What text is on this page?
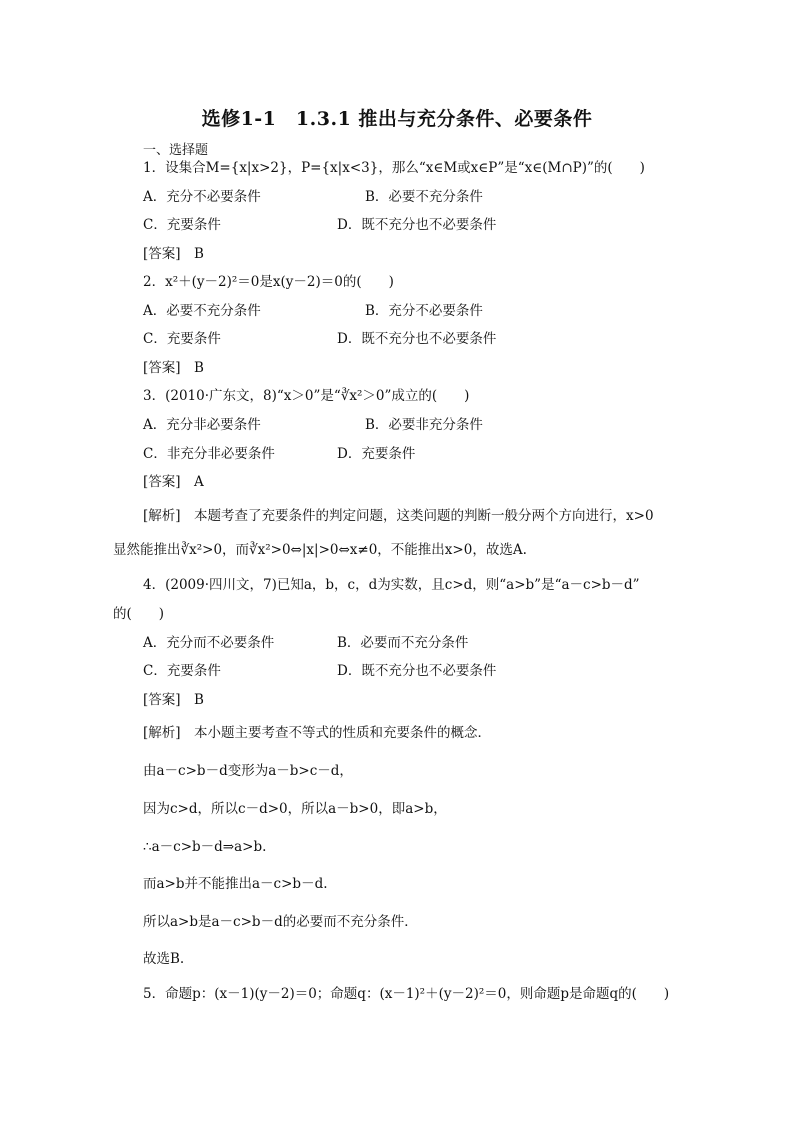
选修1-1　1.3.1 推出与充分条件、必要条件
一、选择题
1．设集合M={x|x>2}，P={x|x<3}，那么“x∈M或x∈P”是“x∈(M∩P)”的(　　)
A．充分不必要条件	B．必要不充分条件
C．充要条件	D．既不充分也不必要条件
[答案]　B
2．x²＋(y－2)²＝0是x(y－2)＝0的(　　)
A．必要不充分条件	B．充分不必要条件
C．充要条件	D．既不充分也不必要条件
[答案]　B
3．(2010·广东文，8)“x＞0”是“∛x²＞0”成立的(　　)
A．充分非必要条件	B．必要非充分条件
C．非充分非必要条件	D．充要条件
[答案]　A
[解析]　本题考查了充要条件的判定问题，这类问题的判断一般分两个方向进行，x>0
显然能推出∛x²>0，而∛x²>0⇔|x|>0⇔x≠0，不能推出x>0，故选A.
4．(2009·四川文，7)已知a，b，c，d为实数，且c>d，则“a>b”是“a－c>b－d”
的(　　)
A．充分而不必要条件	B．必要而不充分条件
C．充要条件	D．既不充分也不必要条件
[答案]　B
[解析]　本小题主要考查不等式的性质和充要条件的概念．
由a－c>b－d变形为a－b>c－d，
因为c>d，所以c－d>0，所以a－b>0，即a>b，
∴a－c>b－d⇒a>b.
而a>b并不能推出a－c>b－d.
所以a>b是a－c>b－d的必要而不充分条件．
故选B.
5．命题p：(x－1)(y－2)＝0；命题q：(x－1)²＋(y－2)²＝0，则命题p是命题q的(　　)
